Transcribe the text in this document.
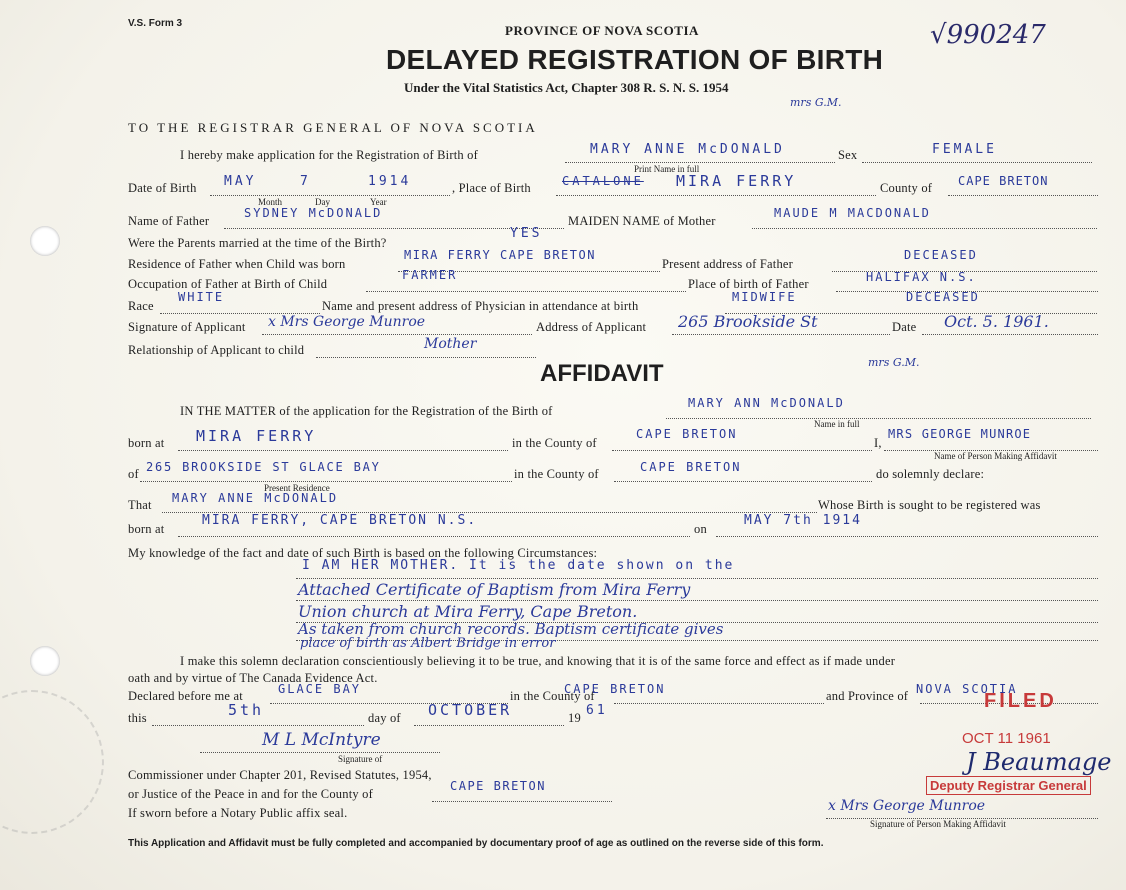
V.S. Form 3	√990247
PROVINCE OF NOVA SCOTIA
DELAYED REGISTRATION OF BIRTH
Under the Vital Statistics Act, Chapter 308 R. S. N. S. 1954
TO THE REGISTRAR GENERAL OF NOVA SCOTIA
I hereby make application for the Registration of Birth of	MARY ANNE McDONALD
mrs G.M.
Sex	FEMALE
Print Name in full
Date of Birth MAY	7	1914
Month	Day	Year
, Place of Birth	CATALONE MIRA FERRY	County of CAPE BRETON
Name of Father
SYDNEY McDONALD
MAIDEN NAME of Mother
MAUDE M MACDONALD
Were the Parents married at the time of the Birth?
YES
Residence of Father when Child was born
MIRA FERRY CAPE BRETON
Present address of Father
DECEASED
Occupation of Father at Birth of Child
FARMER
Place of birth of Father	HALIFAX N.S.
Race
WHITE
Name and present address of Physician in attendance at birth
MIDWIFE	DECEASED
Signature of Applicant x Mrs George Munroe	Address of Applicant 265 Brookside St	Date Oct. 5. 1961.
Relationship of Applicant to child	Mother
AFFIDAVIT	mrs G.M.
IN THE MATTER of the application for the Registration of the Birth of
MARY ANN McDONALD
Name in full
born at MIRA FERRY	in the County of
CAPE BRETON
I,
MRS GEORGE MUNROE
Name of Person Making Affidavit
of 265 BROOKSIDE ST GLACE BAY
Present Residence
in the County of	CAPE BRETON	do solemnly declare:
That MARY ANNE McDONALD	Whose Birth is sought to be registered was
born at
MIRA FERRY, CAPE BRETON N.S.
on
MAY 7th 1914
My knowledge of the fact and date of such Birth is based on the following Circumstances:
I AM HER MOTHER. It is the date shown on the
Attached Certificate of Baptism from Mira Ferry
Union church at Mira Ferry, Cape Breton.
As taken from church records. Baptism certificate gives
place of birth as Albert Bridge in error
I make this solemn declaration conscientiously believing it to be true, and knowing that it is of the same force and effect as if made under
oath and by virtue of The Canada Evidence Act.
Declared before me at	GLACE BAY	in the County of
CAPE BRETON	and Province of NOVA SCOTIA
this	5th	day of OCTOBER	19 61
M L McIntyre
Signature of
Commissioner under Chapter 201, Revised Statutes, 1954,
or Justice of the Peace in and for the County of
CAPE BRETON
If sworn before a Notary Public affix seal.	x Mrs George Munroe
Signature of Person Making Affidavit
FILED
OCT 11 1961
J Beaumage
Deputy Registrar General
This Application and Affidavit must be fully completed and accompanied by documentary proof of age as outlined on the reverse side of this form.
